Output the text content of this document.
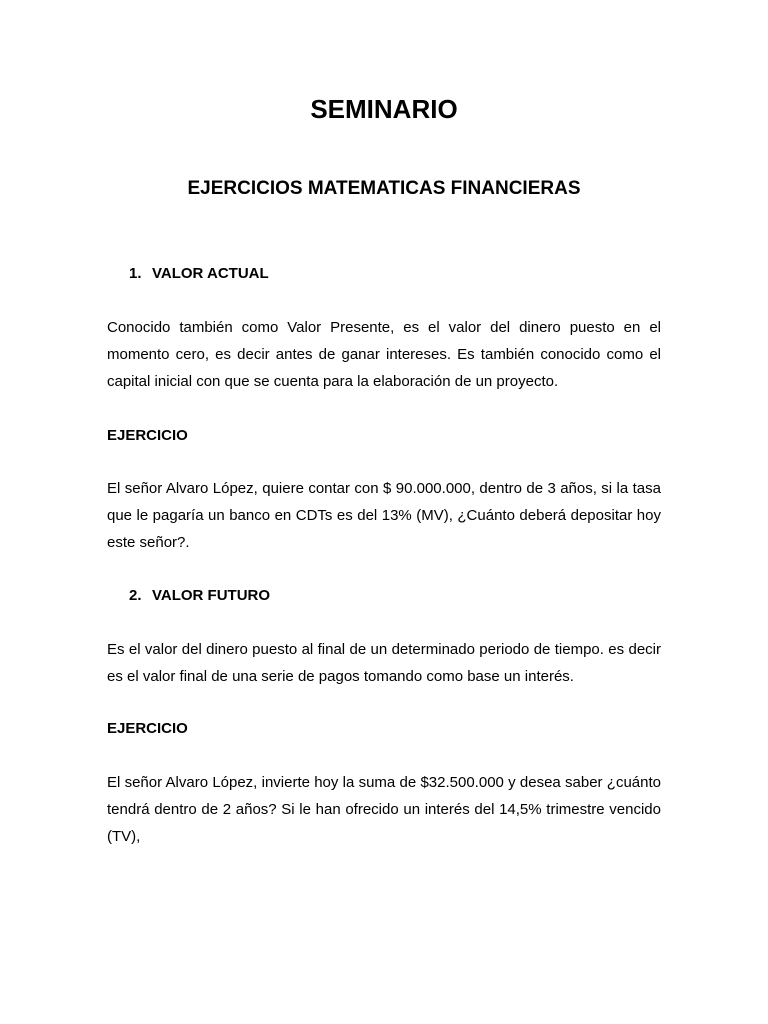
SEMINARIO
EJERCICIOS MATEMATICAS FINANCIERAS
1. VALOR ACTUAL
Conocido también como Valor Presente, es el valor del dinero puesto en el momento cero, es decir antes de ganar intereses. Es también conocido como el capital inicial con que se cuenta para la elaboración de un proyecto.
EJERCICIO
El señor Alvaro López, quiere contar con $ 90.000.000, dentro de 3 años, si la tasa que le pagaría un banco en CDTs es del 13% (MV), ¿Cuánto deberá depositar hoy este señor?.
2. VALOR FUTURO
Es el valor del dinero puesto al final de un determinado periodo de tiempo. es decir es el valor final de una serie de pagos tomando como base un interés.
EJERCICIO
El señor Alvaro López, invierte hoy la suma de $32.500.000 y desea saber ¿cuánto tendrá dentro de 2 años? Si le han ofrecido un interés del 14,5% trimestre vencido (TV),
